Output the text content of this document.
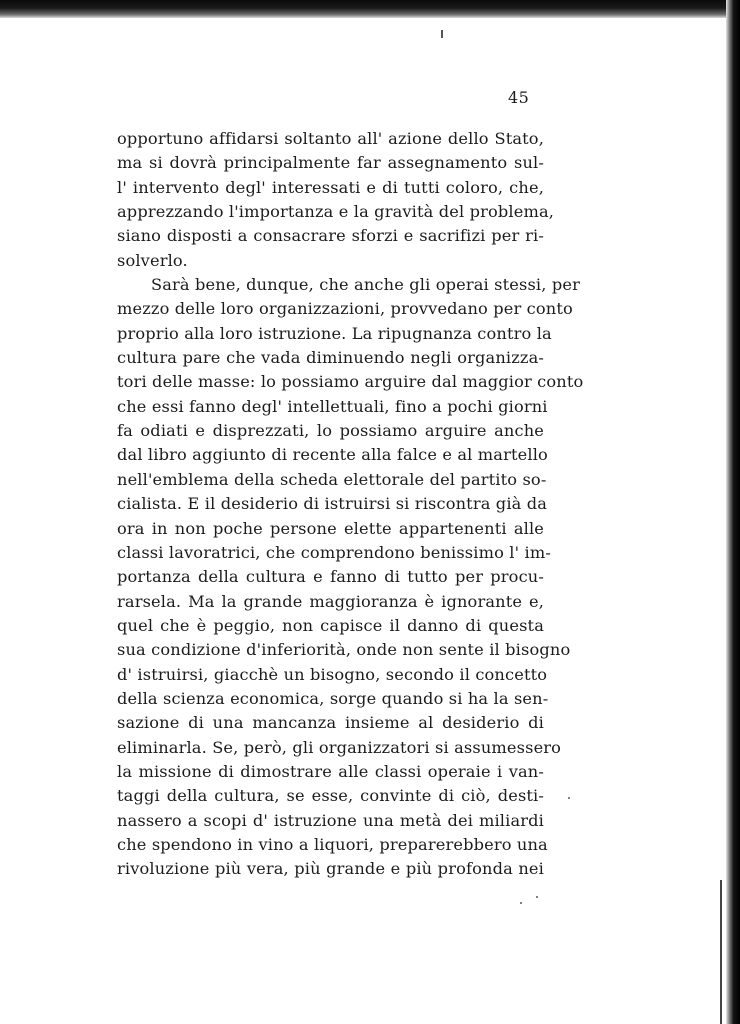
45
opportuno affidarsi soltanto all' azione dello Stato,
ma si dovrà principalmente far assegnamento sul-
l' intervento degl' interessati e di tutti coloro, che,
apprezzando l'importanza e la gravità del problema,
siano disposti a consacrare sforzi e sacrifizi per ri-
solverlo.
Sarà bene, dunque, che anche gli operai stessi, per
mezzo delle loro organizzazioni, provvedano per conto
proprio alla loro istruzione. La ripugnanza contro la
cultura pare che vada diminuendo negli organizza-
tori delle masse: lo possiamo arguire dal maggior conto
che essi fanno degl' intellettuali, fino a pochi giorni
fa odiati e disprezzati, lo possiamo arguire anche
dal libro aggiunto di recente alla falce e al martello
nell'emblema della scheda elettorale del partito so-
cialista. E il desiderio di istruirsi si riscontra già da
ora in non poche persone elette appartenenti alle
classi lavoratrici, che comprendono benissimo l' im-
portanza della cultura e fanno di tutto per procu-
rarsela. Ma la grande maggioranza è ignorante e,
quel che è peggio, non capisce il danno di questa
sua condizione d'inferiorità, onde non sente il bisogno
d' istruirsi, giacchè un bisogno, secondo il concetto
della scienza economica, sorge quando si ha la sen-
sazione di una mancanza insieme al desiderio di
eliminarla. Se, però, gli organizzatori si assumessero
la missione di dimostrare alle classi operaie i van-
taggi della cultura, se esse, convinte di ciò, desti-
nassero a scopi d' istruzione una metà dei miliardi
che spendono in vino a liquori, preparerebbero una
rivoluzione più vera, più grande e più profonda nei
